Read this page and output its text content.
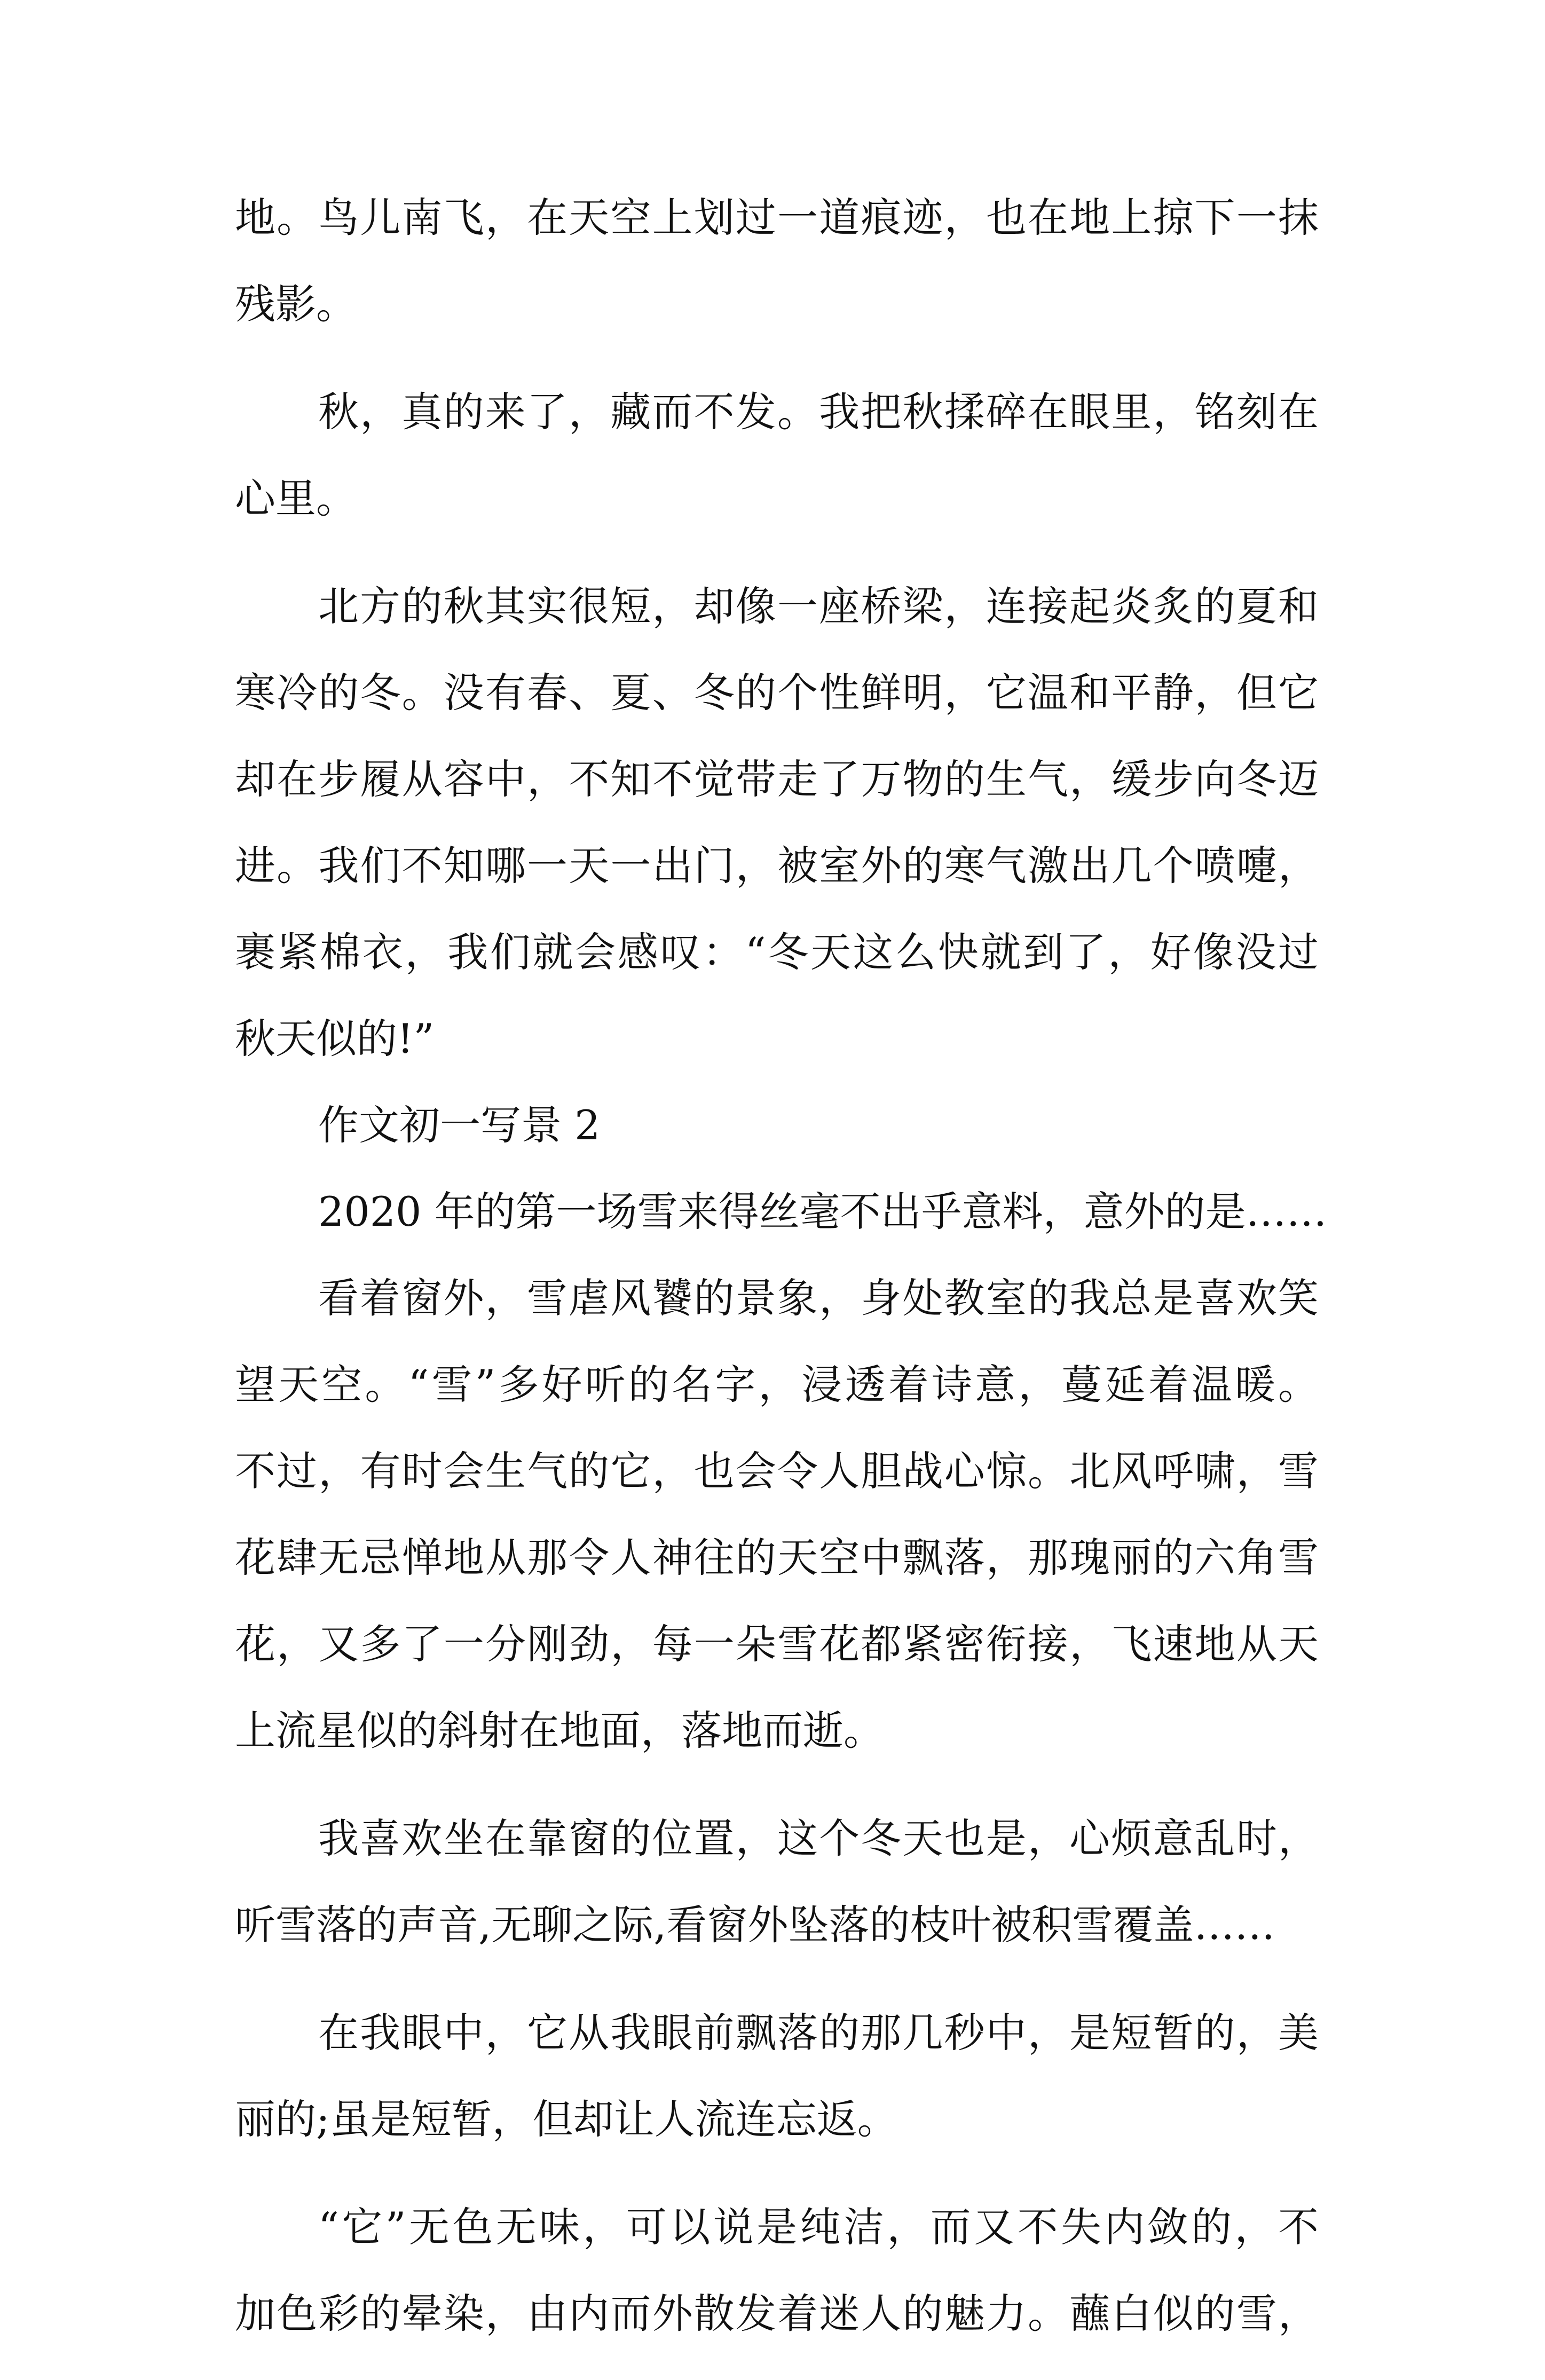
地。鸟儿南飞，在天空上划过一道痕迹，也在地上掠下一抹
残影。
秋，真的来了，藏而不发。我把秋揉碎在眼里，铭刻在
心里。
北方的秋其实很短，却像一座桥梁，连接起炎炙的夏和
寒冷的冬。没有春、夏、冬的个性鲜明，它温和平静，但它
却在步履从容中，不知不觉带走了万物的生气，缓步向冬迈
进。我们不知哪一天一出门，被室外的寒气激出几个喷嚏，
裹紧棉衣，我们就会感叹：“冬天这么快就到了，好像没过
秋天似的!”
作文初一写景 2
2020 年的第一场雪来得丝毫不出乎意料，意外的是……
看着窗外，雪虐风饕的景象，身处教室的我总是喜欢笑
望天空。“雪”多好听的名字，浸透着诗意，蔓延着温暖。
不过，有时会生气的它，也会令人胆战心惊。北风呼啸，雪
花肆无忌惮地从那令人神往的天空中飘落，那瑰丽的六角雪
花，又多了一分刚劲，每一朵雪花都紧密衔接，飞速地从天
上流星似的斜射在地面，落地而逝。
我喜欢坐在靠窗的位置，这个冬天也是，心烦意乱时，
听雪落的声音,无聊之际,看窗外坠落的枝叶被积雪覆盖……
在我眼中，它从我眼前飘落的那几秒中，是短暂的，美
丽的;虽是短暂，但却让人流连忘返。
“它”无色无味，可以说是纯洁，而又不失内敛的，不
加色彩的晕染，由内而外散发着迷人的魅力。蘸白似的雪，
